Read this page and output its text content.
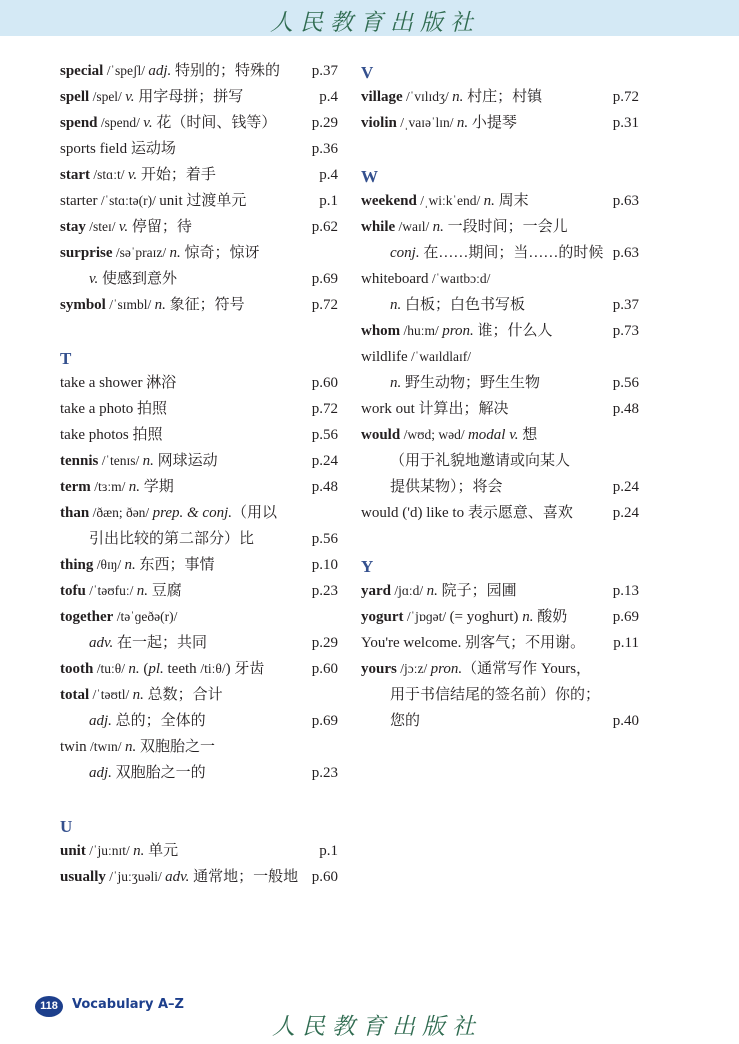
人民教育出版社
special /ˈspeʃl/ adj. 特别的；特殊的 p.37
spell /spel/ v. 用字母拼；拼写	p.4
spend /spend/ v. 花（时间、钱等） p.29
sports field 运动场	p.36
start /stɑːt/ v. 开始；着手	p.4
starter /ˈstɑːtə(r)/ unit 过渡单元	p.1
stay /steɪ/ v. 停留；待	p.62
surprise /səˈpraɪz/ n. 惊奇；惊讶
v. 使感到意外	p.69
symbol /ˈsɪmbl/ n. 象征；符号	p.72
T
take a shower 淋浴	p.60
take a photo 拍照	p.72
take photos 拍照	p.56
tennis /ˈtenɪs/ n. 网球运动	p.24
term /tɜːm/ n. 学期	p.48
than /ðæn; ðən/ prep. & conj.（用以
引出比较的第二部分）比	p.56
thing /θɪŋ/ n. 东西；事情	p.10
tofu /ˈtəʊfuː/ n. 豆腐	p.23
together /təˈɡeðə(r)/
adv. 在一起；共同	p.29
tooth /tuːθ/ n. (pl. teeth /tiːθ/) 牙齿	p.60
total /ˈtəʊtl/ n. 总数；合计
adj. 总的；全体的	p.69
twin /twɪn/ n. 双胞胎之一
adj. 双胞胎之一的	p.23
U
unit /ˈjuːnɪt/ n. 单元	p.1
usually /ˈjuːʒuəli/ adv. 通常地；一般地 p.60
V
village /ˈvɪlɪdʒ/ n. 村庄；村镇	p.72
violin /ˌvaɪəˈlɪn/ n. 小提琴	p.31
W
weekend /ˌwiːkˈend/ n. 周末	p.63
while /waɪl/ n. 一段时间；一会儿
conj. 在……期间；当……的时候 p.63
whiteboard /ˈwaɪtbɔːd/
n. 白板；白色书写板	p.37
whom /huːm/ pron. 谁；什么人	p.73
wildlife /ˈwaɪldlaɪf/
n. 野生动物；野生生物	p.56
work out 计算出；解决	p.48
would /wʊd; wəd/ modal v. 想
（用于礼貌地邀请或向某人
提供某物）；将会	p.24
would ('d) like to 表示愿意、喜欢	p.24
Y
yard /jɑːd/ n. 院子；园圃	p.13
yogurt /ˈjɒɡət/ (= yoghurt) n. 酸奶	p.69
You're welcome. 别客气；不用谢。 p.11
yours /jɔːz/ pron.（通常写作 Yours，
用于书信结尾的签名前）你的；
您的	p.40
118	Vocabulary A–Z
人民教育出版社
